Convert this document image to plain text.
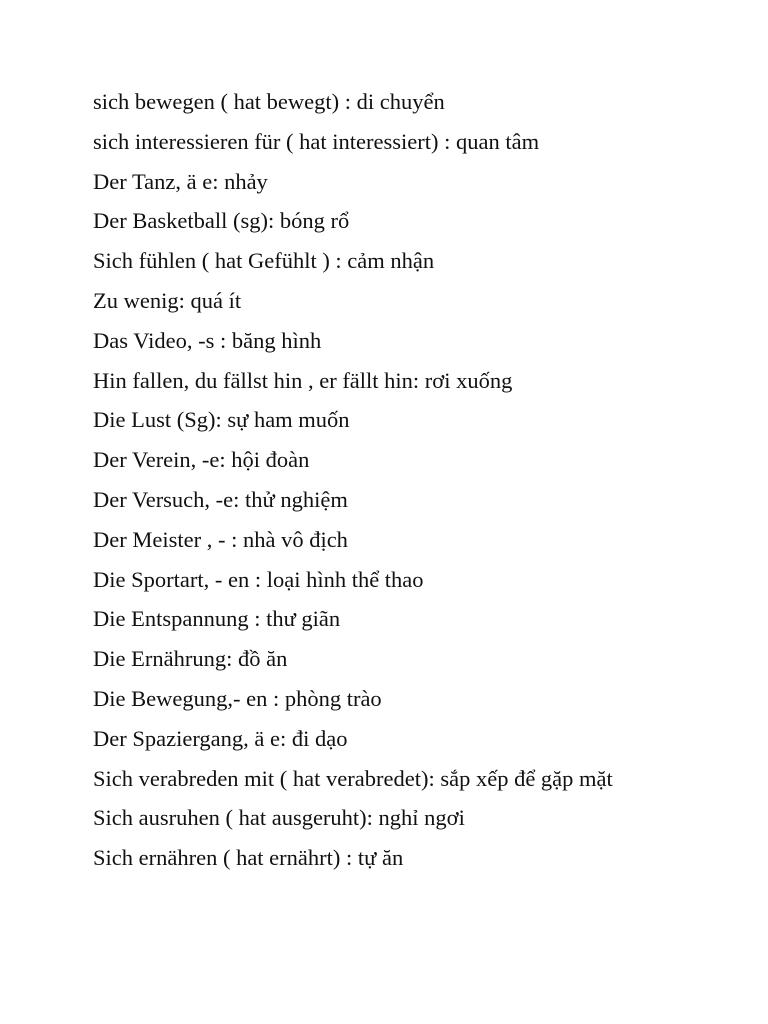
sich bewegen ( hat bewegt) : di chuyển
sich interessieren für ( hat interessiert) : quan tâm
Der Tanz, ä e: nhảy
Der Basketball (sg): bóng rổ
Sich fühlen ( hat Gefühlt ) : cảm nhận
Zu wenig: quá ít
Das Video, -s : băng hình
Hin fallen, du fällst hin , er fällt hin: rơi xuống
Die Lust (Sg): sự ham muốn
Der Verein, -e: hội đoàn
Der Versuch, -e: thử nghiệm
Der Meister , - : nhà vô địch
Die Sportart, - en : loại hình thể thao
Die Entspannung : thư giãn
Die Ernährung: đồ ăn
Die Bewegung,- en : phòng trào
Der Spaziergang, ä e: đi dạo
Sich verabreden mit ( hat verabredet): sắp xếp để gặp mặt
Sich ausruhen ( hat ausgeruht): nghỉ ngơi
Sich ernähren ( hat ernährt) : tự ăn
